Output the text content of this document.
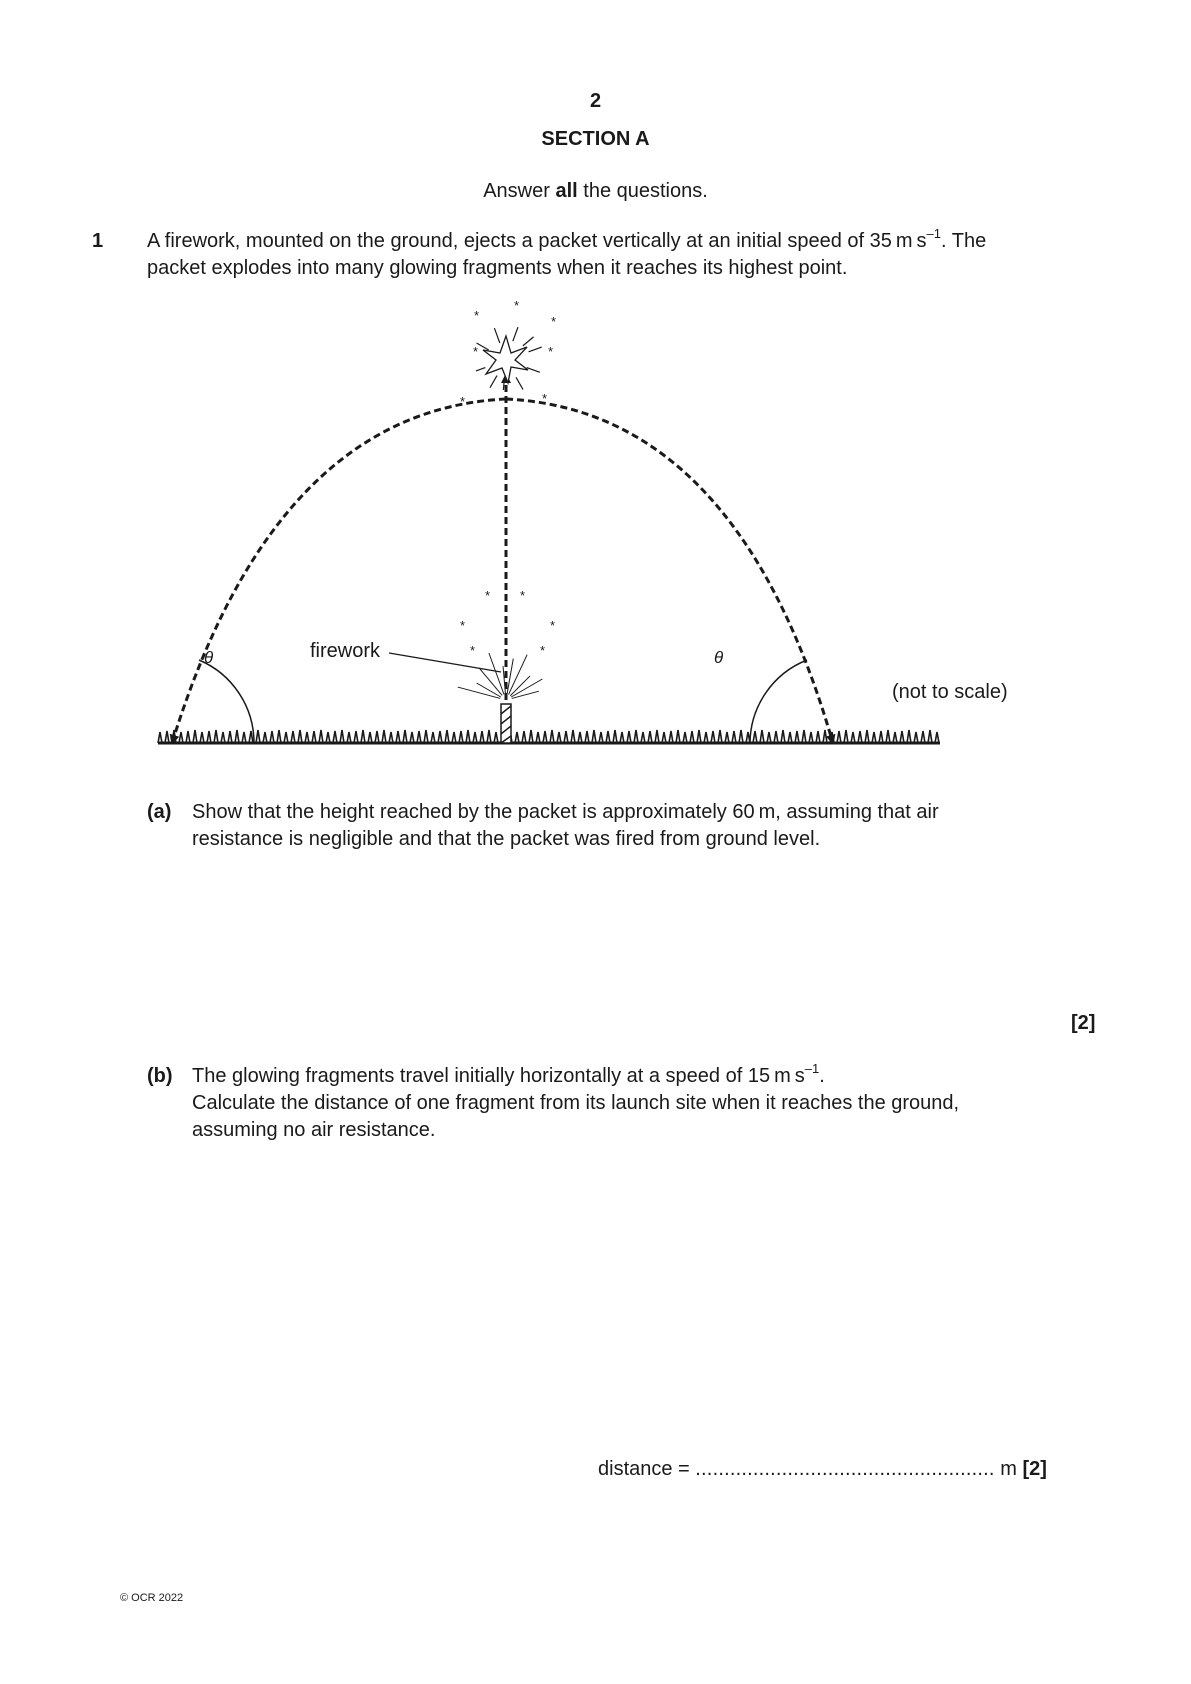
2
SECTION A
Answer all the questions.
1 A firework, mounted on the ground, ejects a packet vertically at an initial speed of 35 m $s^{-1}$. The
packet explodes into many glowing fragments when it reaches its highest point.
*
*
*
*	*
*	*
* *
*	*
*	*
firework
θ	θ
(not to scale)
(a) Show that the height reached by the packet is approximately 60 m, assuming that air
resistance is negligible and that the packet was fired from ground level.
[2]
(b) The glowing fragments travel initially horizontally at a speed of 15 m $s^{-1}$.
Calculate the distance of one fragment from its launch site when it reaches the ground,
assuming no air resistance.
distance = .................................................... m [2]
© OCR 2022
